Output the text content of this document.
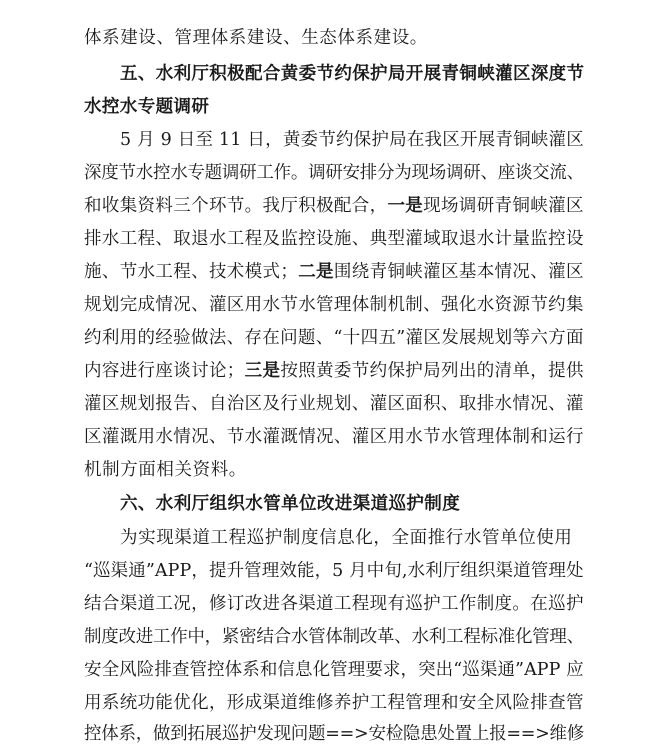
体系建设、管理体系建设、生态体系建设。
五、水利厅积极配合黄委节约保护局开展青铜峡灌区深度节
水控水专题调研
5 月 9 日至 11 日，黄委节约保护局在我区开展青铜峡灌区
深度节水控水专题调研工作。调研安排分为现场调研、座谈交流、
和收集资料三个环节。我厅积极配合，一是现场调研青铜峡灌区
排水工程、取退水工程及监控设施、典型灌域取退水计量监控设
施、节水工程、技术模式；二是围绕青铜峡灌区基本情况、灌区
规划完成情况、灌区用水节水管理体制机制、强化水资源节约集
约利用的经验做法、存在问题、“十四五”灌区发展规划等六方面
内容进行座谈讨论；三是按照黄委节约保护局列出的清单，提供
灌区规划报告、自治区及行业规划、灌区面积、取排水情况、灌
区灌溉用水情况、节水灌溉情况、灌区用水节水管理体制和运行
机制方面相关资料。
六、水利厅组织水管单位改进渠道巡护制度
为实现渠道工程巡护制度信息化，全面推行水管单位使用
“巡渠通”APP，提升管理效能，5 月中旬,水利厅组织渠道管理处
结合渠道工况，修订改进各渠道工程现有巡护工作制度。在巡护
制度改进工作中，紧密结合水管体制改革、水利工程标准化管理、
安全风险排查管控体系和信息化管理要求，突出“巡渠通”APP 应
用系统功能优化，形成渠道维修养护工程管理和安全风险排查管
控体系，做到拓展巡护发现问题==>安检隐患处置上报==>维修
